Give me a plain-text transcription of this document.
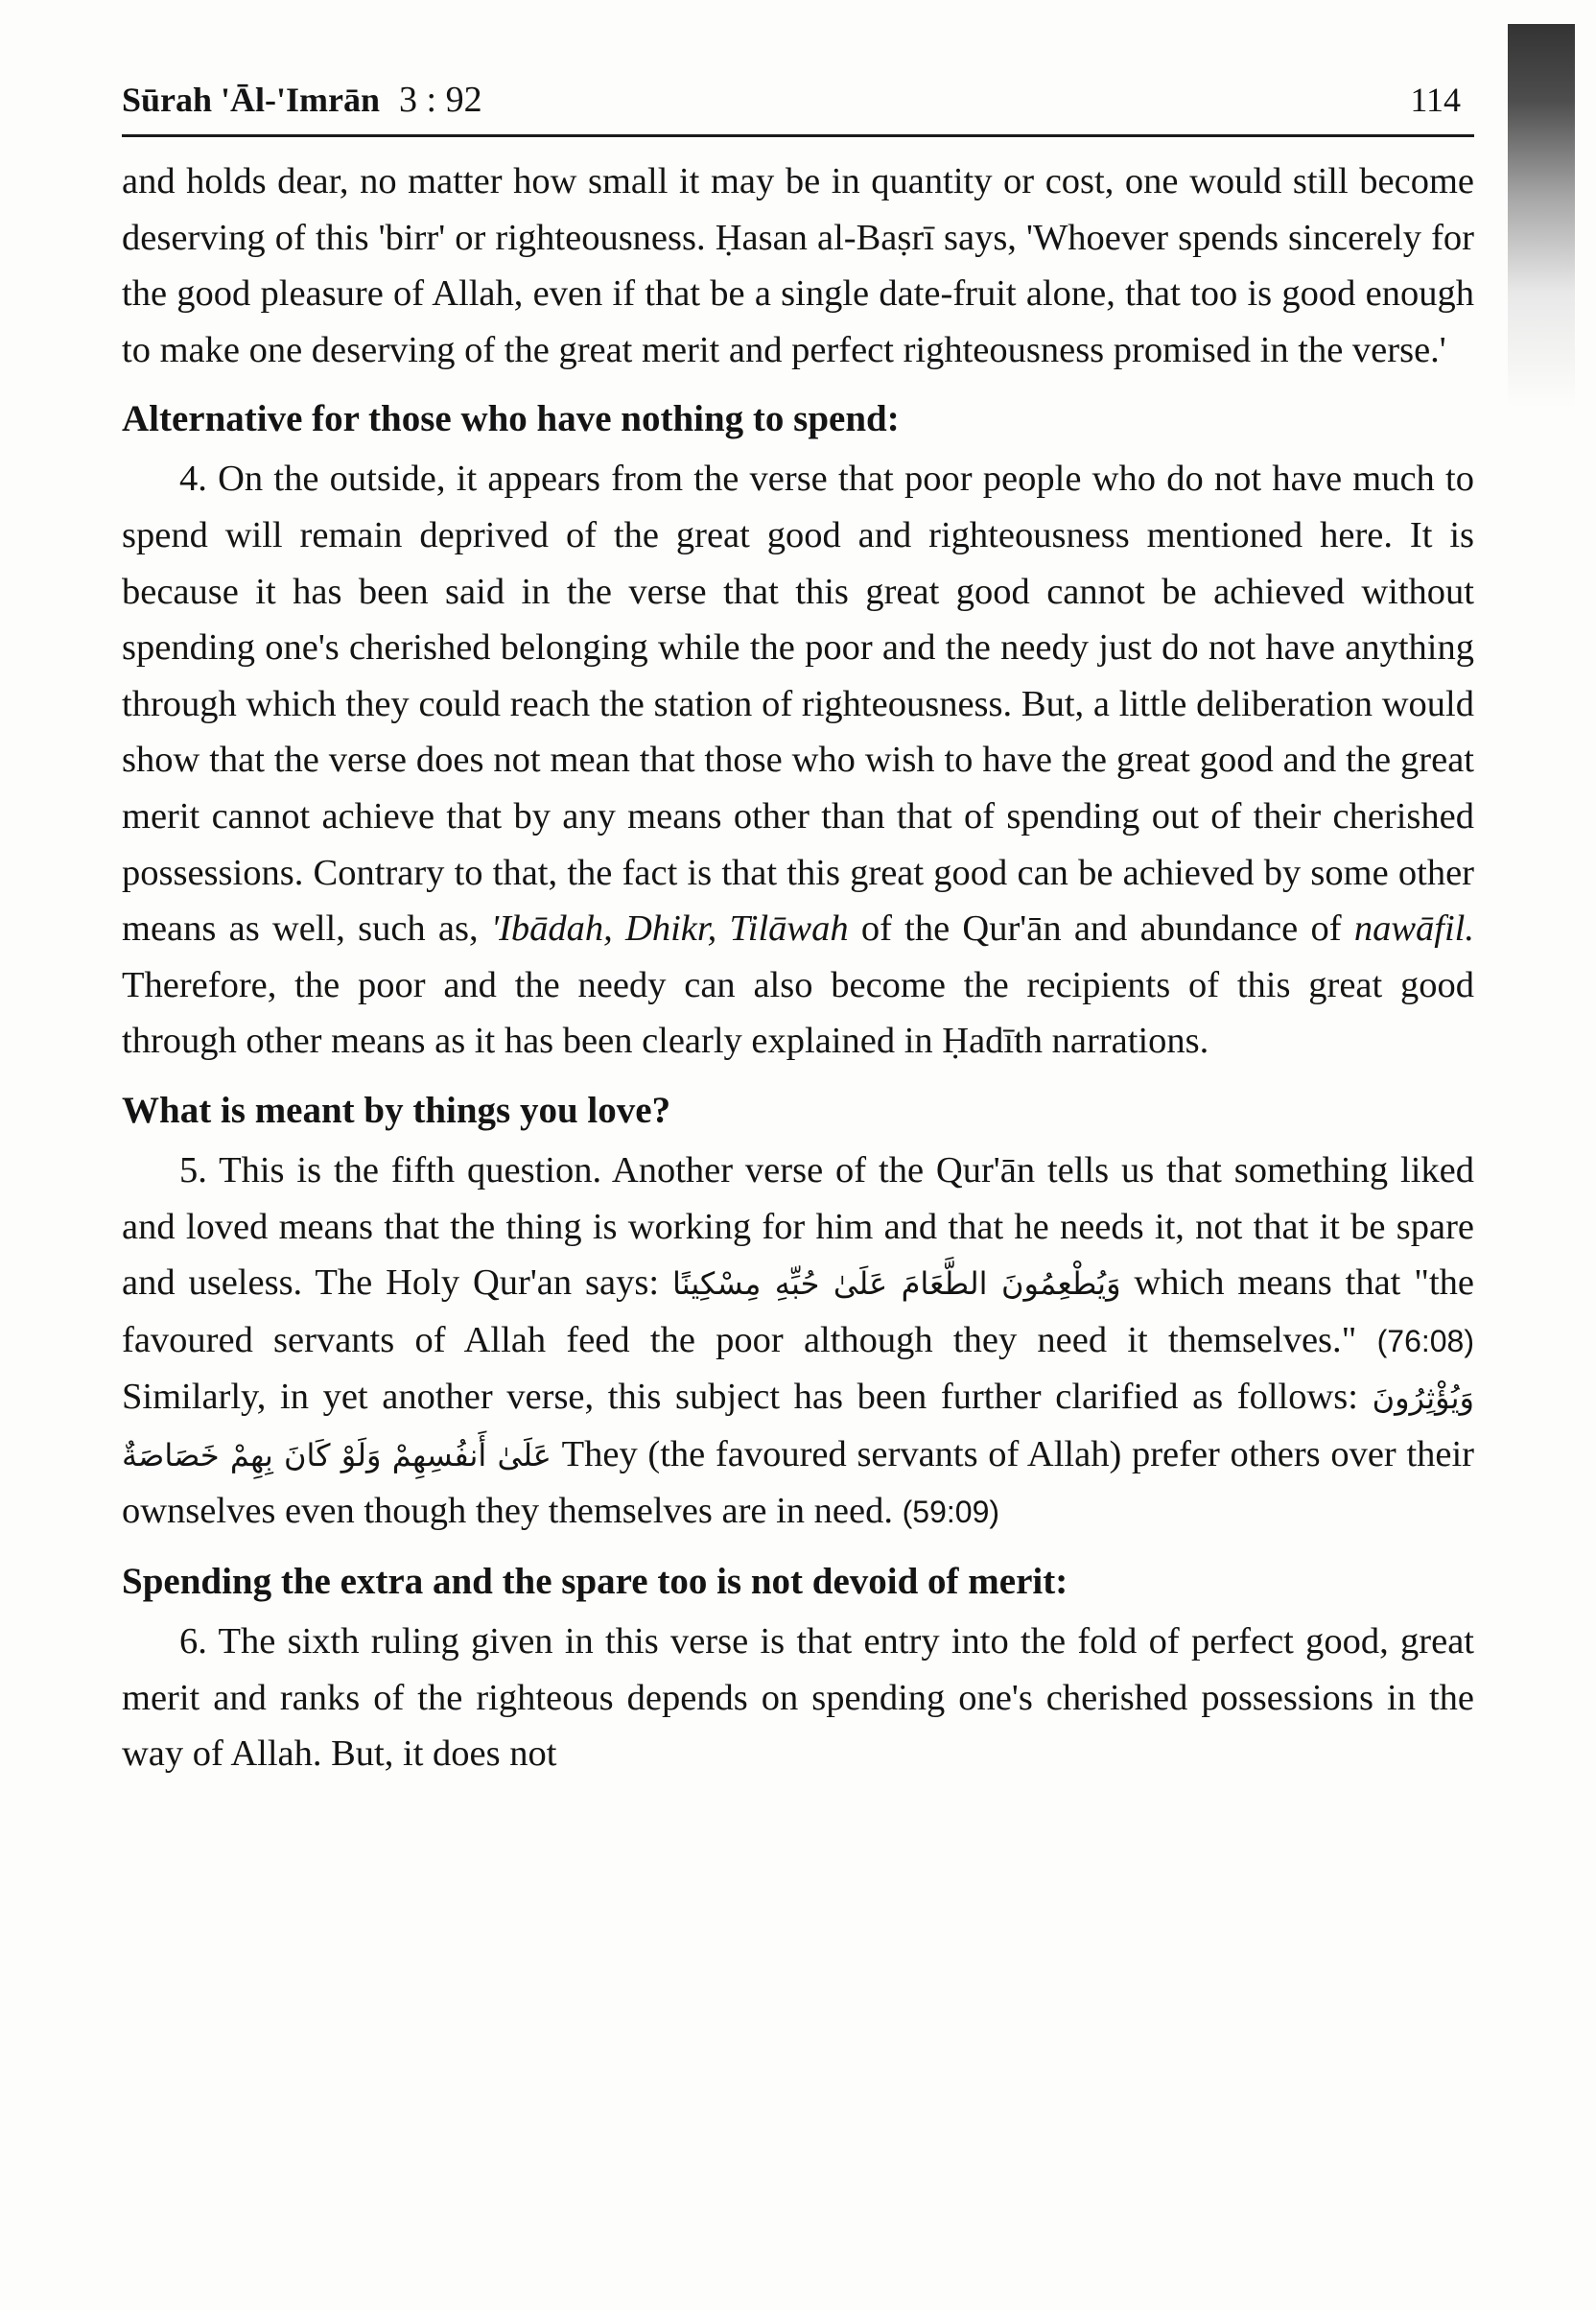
Sūrah 'Āl-'Imrān 3 : 92	114

and holds dear, no matter how small it may be in quantity or cost, one would still become deserving of this 'birr' or righteousness. Ḥasan al-Baṣrī says, 'Whoever spends sincerely for the good pleasure of Allah, even if that be a single date-fruit alone, that too is good enough to make one deserving of the great merit and perfect righteousness promised in the verse.'

Alternative for those who have nothing to spend:

4. On the outside, it appears from the verse that poor people who do not have much to spend will remain deprived of the great good and righteousness mentioned here. It is because it has been said in the verse that this great good cannot be achieved without spending one's cherished belonging while the poor and the needy just do not have anything through which they could reach the station of righteousness. But, a little deliberation would show that the verse does not mean that those who wish to have the great good and the great merit cannot achieve that by any means other than that of spending out of their cherished possessions. Contrary to that, the fact is that this great good can be achieved by some other means as well, such as, 'Ibādah, Dhikr, Tilāwah of the Qur'ān and abundance of nawāfil. Therefore, the poor and the needy can also become the recipients of this great good through other means as it has been clearly explained in Ḥadīth narrations.

What is meant by things you love?

5. This is the fifth question. Another verse of the Qur'ān tells us that something liked and loved means that the thing is working for him and that he needs it, not that it be spare and useless. The Holy Qur'an says: وَيُطْعِمُونَ الطَّعَامَ عَلَىٰ حُبِّهِ مِسْكِينًا which means that "the favoured servants of Allah feed the poor although they need it themselves." (76:08) Similarly, in yet another verse, this subject has been further clarified as follows: وَيُؤْثِرُونَ عَلَىٰ أَنفُسِهِمْ وَلَوْ كَانَ بِهِمْ خَصَاصَةٌ They (the favoured servants of Allah) prefer others over their ownselves even though they themselves are in need. (59:09)

Spending the extra and the spare too is not devoid of merit:

6. The sixth ruling given in this verse is that entry into the fold of perfect good, great merit and ranks of the righteous depends on spending one's cherished possessions in the way of Allah. But, it does not
